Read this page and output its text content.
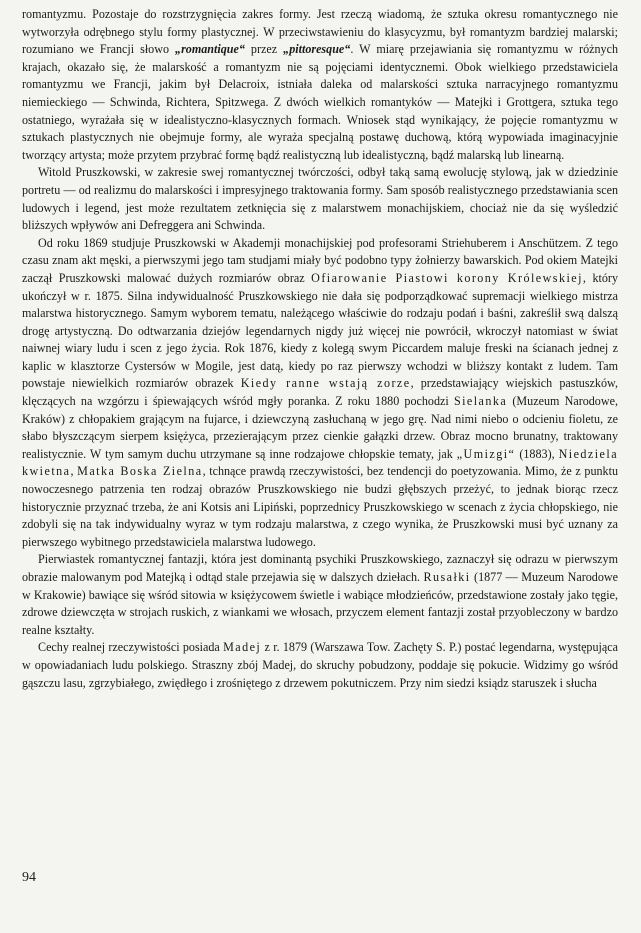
romantyzmu. Pozostaje do rozstrzygnięcia zakres formy. Jest rzeczą wiadomą, że sztuka okresu romantycznego nie wytworzyła odrębnego stylu formy plastycznej. W przeciwstawieniu do klasycyzmu, był romantyzm bardziej malarski; rozumiano we Francji słowo „romantique“ przez „pittoresque“. W miarę przejawiania się romantyzmu w różnych krajach, okazało się, że malarskość a romantyzm nie są pojęciami identycznemi. Obok wielkiego przedstawiciela romantyzmu we Francji, jakim był Delacroix, istniała daleka od malarskości sztuka narracyjnego romantyzmu niemieckiego — Schwinda, Richtera, Spitzwega. Z dwóch wielkich romantyków — Matejki i Grottgera, sztuka tego ostatniego, wyrażała się w idealistyczno-klasycznych formach. Wniosek stąd wynikający, że pojęcie romantyzmu w sztukach plastycznych nie obejmuje formy, ale wyraża specjalną postawę duchową, którą wypowiada imaginacyjnie tworzący artysta; może przytem przybrać formę bądź realistyczną lub idealistyczną, bądź malarską lub linearną.

Witold Pruszkowski, w zakresie swej romantycznej twórczości, odbył taką samą ewolucję stylową, jak w dziedzinie portretu — od realizmu do malarskości i impresyjnego traktowania formy. Sam sposób realistycznego przedstawiania scen ludowych i legend, jest może rezultatem zetknięcia się z malarstwem monachijskiem, chociaż nie da się wyśledzić bliższych wpływów ani Defreggera ani Schwinda.

Od roku 1869 studjuje Pruszkowski w Akademji monachijskiej pod profesorami Striehuberem i Anschützem. Z tego czasu znam akt męski, a pierwszymi jego tam studjami miały być podobno typy żołnierzy bawarskich. Pod okiem Matejki zaczął Pruszkowski malować dużych rozmiarów obraz Ofiarowanie Piastowi korony Królewskiej, który ukończył w r. 1875. Silna indywidualność Pruszkowskiego nie dała się podporządkować supremacji wielkiego mistrza malarstwa historycznego. Samym wyborem tematu, należącego właściwie do rodzaju podań i baśni, zakreślił swą dalszą drogę artystyczną. Do odtwarzania dziejów legendarnych nigdy już więcej nie powrócił, wkroczył natomiast w świat naiwnej wiary ludu i scen z jego życia. Rok 1876, kiedy z kolegą swym Piccardem maluje freski na ścianach jednej z kaplic w klasztorze Cystersów w Mogile, jest datą, kiedy po raz pierwszy wchodzi w bliższy kontakt z ludem. Tam powstaje niewielkich rozmiarów obrazek Kiedy ranne wstają zorze, przedstawiający wiejskich pastuszków, klęczących na wzgórzu i śpiewających wśród mgły poranka. Z roku 1880 pochodzi Sielanka (Muzeum Narodowe, Kraków) z chłopakiem grającym na fujarce, i dziewczyną zasłuchaną w jego grę. Nad nimi niebo o odcieniu fioletu, ze słabo błyszczącym sierpem księżyca, przezierającym przez cienkie gałązki drzew. Obraz mocno brunatny, traktowany realistycznie. W tym samym duchu utrzymane są inne rodzajowe chłopskie tematy, jak „Umizgi“ (1883), Niedziela kwietna, Matka Boska Zielna, tchnące prawdą rzeczywistości, bez tendencji do poetyzowania. Mimo, że z punktu nowoczesnego patrzenia ten rodzaj obrazów Pruszkowskiego nie budzi głębszych przeżyć, to jednak biorąc rzecz historycznie przyznać trzeba, że ani Kotsis ani Lipiński, poprzednicy Pruszkowskiego w scenach z życia chłopskiego, nie zdobyli się na tak indywidualny wyraz w tym rodzaju malarstwa, z czego wynika, że Pruszkowski musi być uznany za pierwszego wybitnego przedstawiciela malarstwa ludowego.

Pierwiastek romantycznej fantazji, która jest dominantą psychiki Pruszkowskiego, zaznaczył się odrazu w pierwszym obrazie malowanym pod Matejką i odtąd stale przejawia się w dalszych dziełach. Rusałki (1877 — Muzeum Narodowe w Krakowie) bawiące się wśród sitowia w księżycowem świetle i wabiące młodzieńców, przedstawione zostały jako tęgie, zdrowe dziewczęta w strojach ruskich, z wiankami we włosach, przyczem element fantazji został przyobleczony w bardzo realne kształty.

Cechy realnej rzeczywistości posiada Madej z r. 1879 (Warszawa Tow. Zachęty S. P.) postać legendarna, występująca w opowiadaniach ludu polskiego. Straszny zbój Madej, do skruchy pobudzony, poddaje się pokucie. Widzimy go wśród gąszczu lasu, zgrzybiałego, zwiędłego i zrośniętego z drzewem pokutniczem. Przy nim siedzi ksiądz staruszek i słucha

94
